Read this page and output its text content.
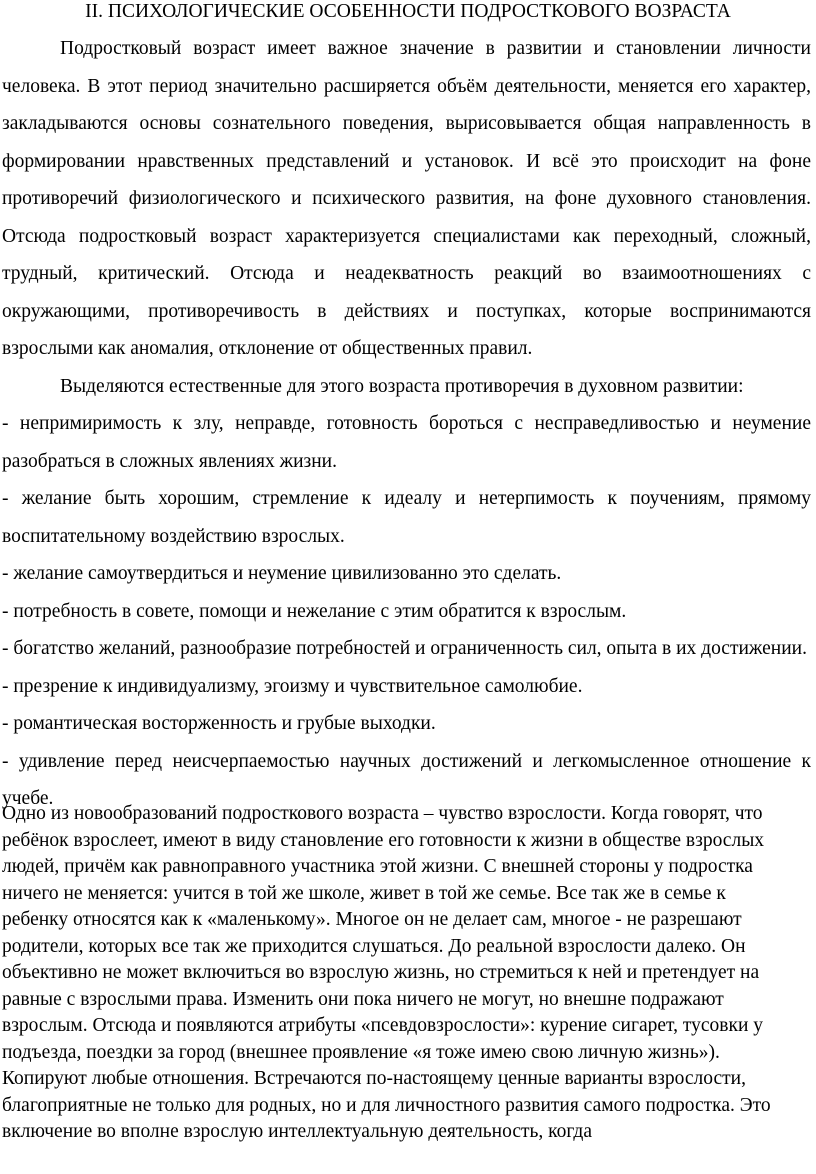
II. ПСИХОЛОГИЧЕСКИЕ ОСОБЕННОСТИ ПОДРОСТКОВОГО ВОЗРАСТА

Подростковый возраст имеет важное значение в развитии и становлении личности человека. В этот период значительно расширяется объём деятельности, меняется его характер, закладываются основы сознательного поведения, вырисовывается общая направленность в формировании нравственных представлений и установок. И всё это происходит на фоне противоречий физиологического и психического развития, на фоне духовного становления. Отсюда подростковый возраст характеризуется специалистами как переходный, сложный, трудный, критический. Отсюда и неадекватность реакций во взаимоотношениях с окружающими, противоречивость в действиях и поступках, которые воспринимаются взрослыми как аномалия, отклонение от общественных правил.

Выделяются естественные для этого возраста противоречия в духовном развитии:

- непримиримость к злу, неправде, готовность бороться с несправедливостью и неумение разобраться в сложных явлениях жизни.

- желание быть хорошим, стремление к идеалу и нетерпимость к поучениям, прямому воспитательному воздействию взрослых.

- желание самоутвердиться и неумение цивилизованно это сделать.

- потребность в совете, помощи и нежелание с этим обратится к взрослым.

- богатство желаний, разнообразие потребностей и ограниченность сил, опыта в их достижении.

- презрение к индивидуализму, эгоизму и чувствительное самолюбие.

- романтическая восторженность и грубые выходки.

- удивление перед неисчерпаемостью научных достижений и легкомысленное отношение к учебе.

Одно из новообразований подросткового возраста – чувство взрослости. Когда говорят, что ребёнок взрослеет, имеют в виду становление его готовности к жизни в обществе взрослых людей, причём как равноправного участника этой жизни. С внешней стороны у подростка ничего не меняется: учится в той же школе, живет в той же семье. Все так же в семье к ребенку относятся как к «маленькому». Многое он не делает сам, многое - не разрешают родители, которых все так же приходится слушаться. До реальной взрослости далеко. Он объективно не может включиться во взрослую жизнь, но стремиться к ней и претендует на равные с взрослыми права. Изменить они пока ничего не могут, но внешне подражают взрослым. Отсюда и появляются атрибуты «псевдовзрослости»: курение сигарет, тусовки у подъезда, поездки за город (внешнее проявление «я тоже имею свою личную жизнь»). Копируют любые отношения. Встречаются по-настоящему ценные варианты взрослости, благоприятные не только для родных, но и для личностного развития самого подростка. Это включение во вполне взрослую интеллектуальную деятельность, когда
